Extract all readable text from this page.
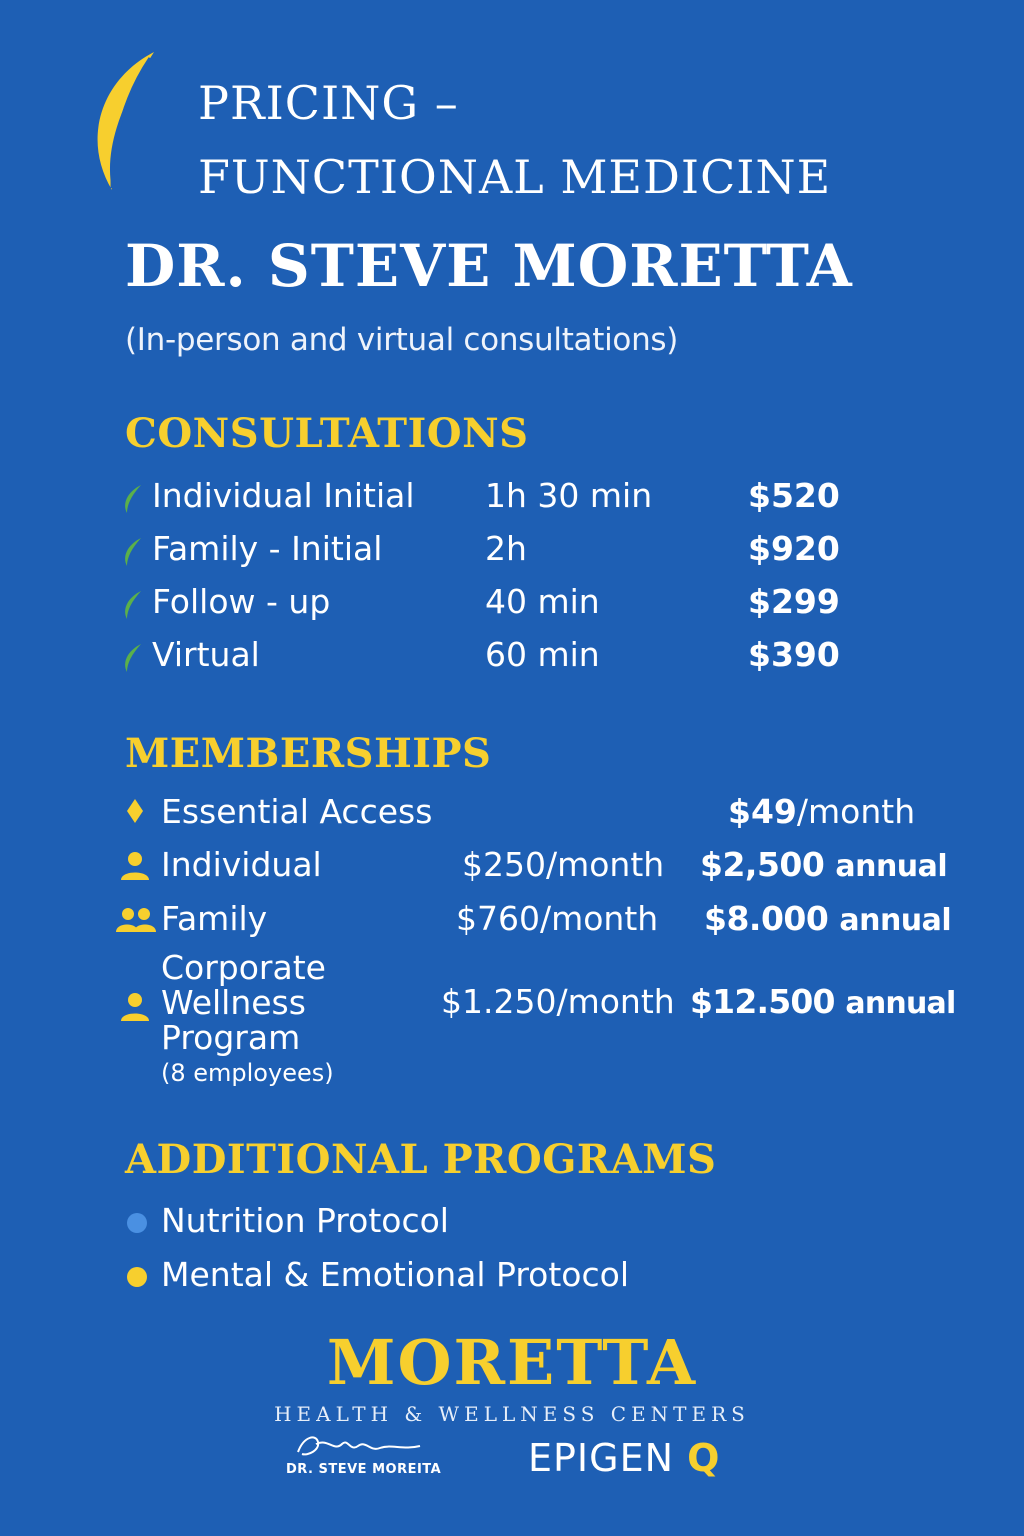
PRICING –
FUNCTIONAL MEDICINE
DR. STEVE MORETTA
(In-person and virtual consultations)
CONSULTATIONS
Individual Initial 1h 30 min	$520
Family - Initial	2h	$920
Follow - up	40 min	$299
Virtual	60 min	$390
MEMBERSHIPS
Essential Access	$49/month
Individual	$250/month $2,500 annual
Family	$760/month $8.000 annual
Corporate
Wellness
Program
(8 employees)
$1.250/month $12.500 annual
ADDITIONAL PROGRAMS
Nutrition Protocol
Mental & Emotional Protocol
MORETTA
HEALTH & WELLNESS CENTERS
DR. STEVE MOREITA EPIGEN Q
